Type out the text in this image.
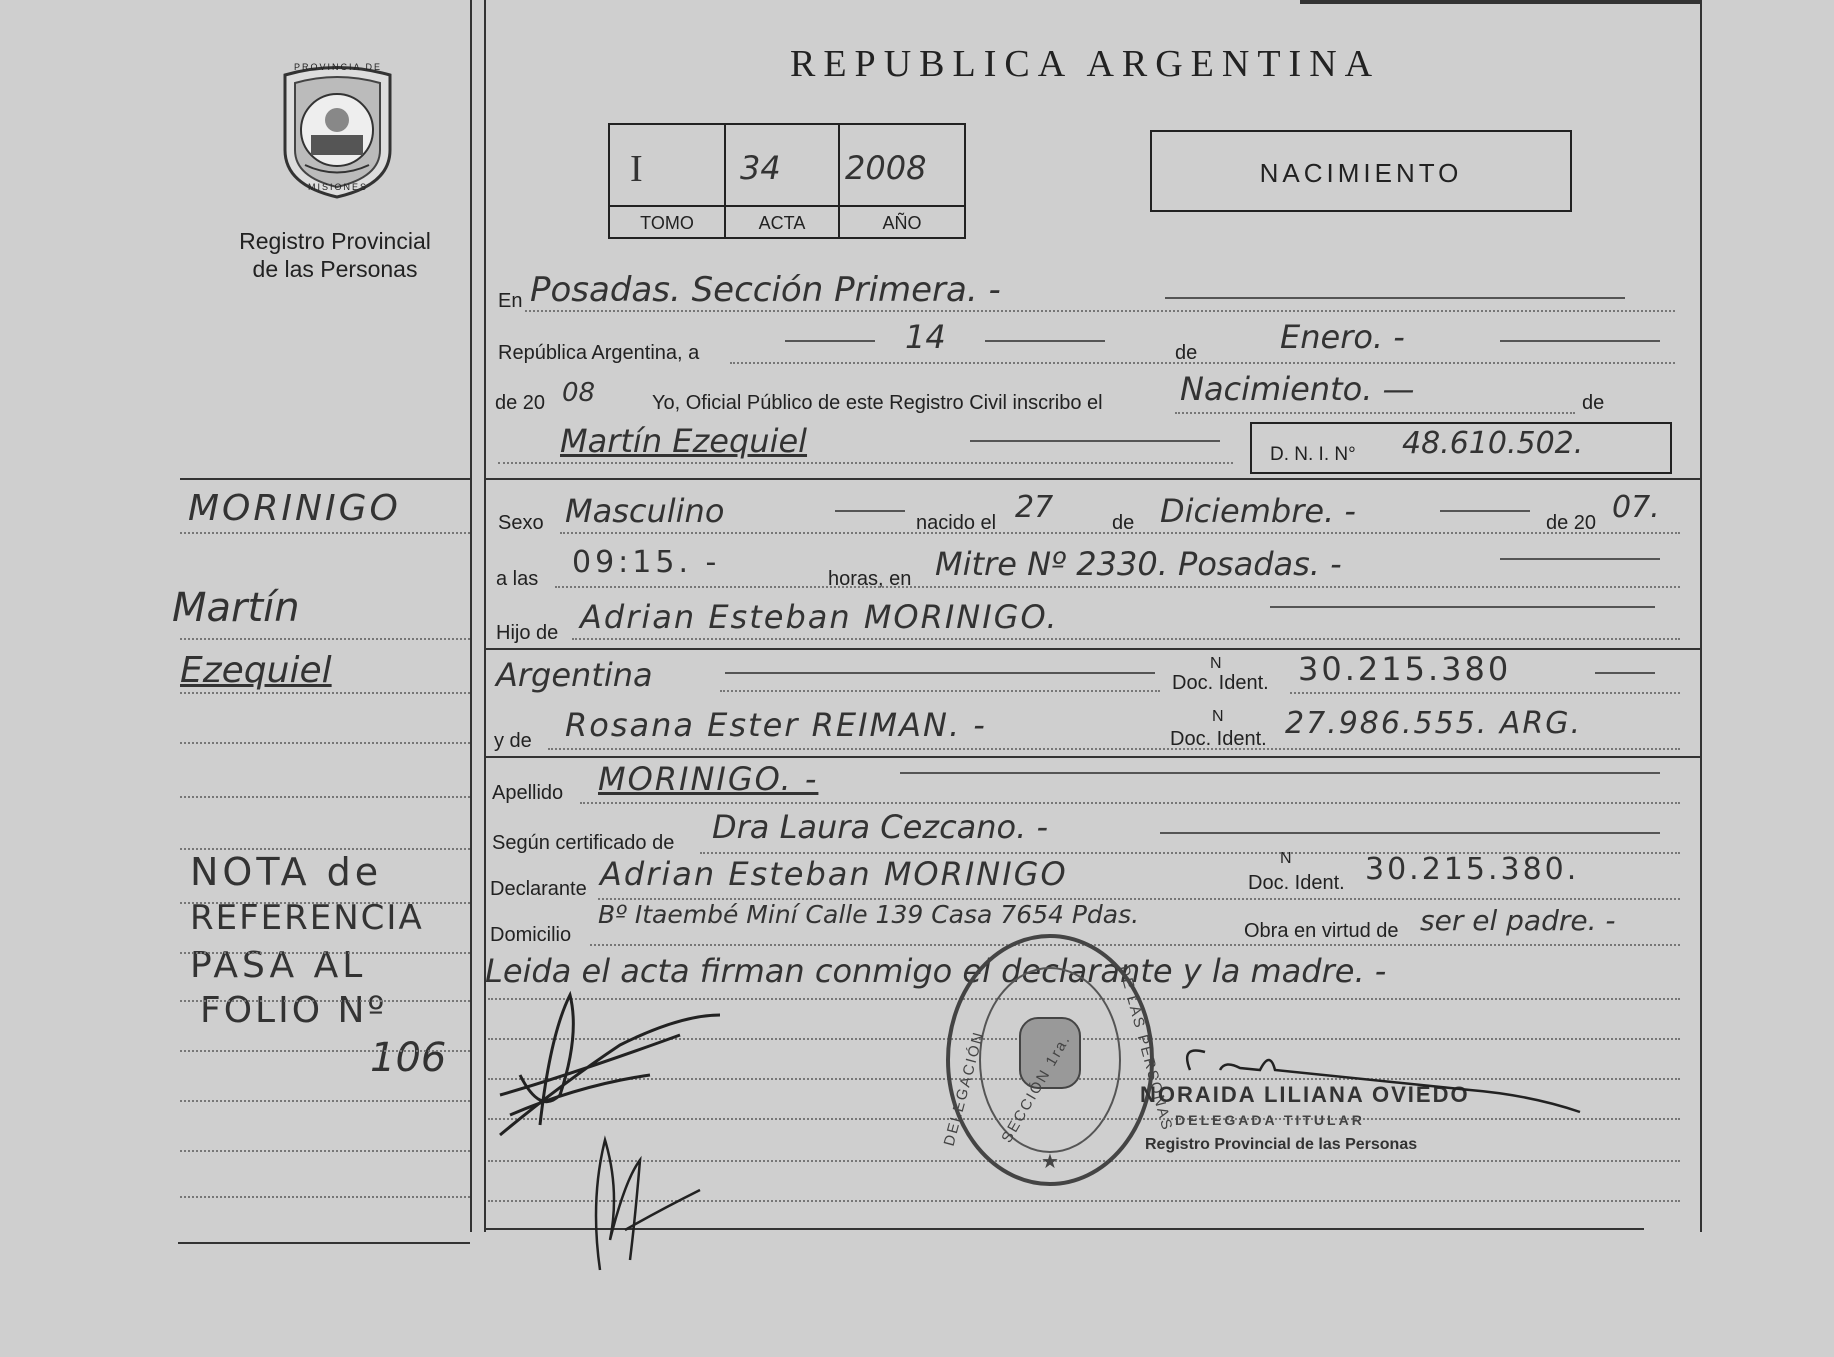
PROVINCIA DE
MISIONES
Registro Provincial
de las Personas
REPUBLICA ARGENTINA
I	34 2008
TOMO	ACTA	AÑO
NACIMIENTO
En Posadas. Sección Primera. -
República Argentina, a	14	de	Enero. -
de 20 08	Yo, Oficial Público de este Registro Civil inscribo el Nacimiento. —	de
Martín Ezequiel	D. N. I. N° 48.610.502.
Sexo Masculino	nacido el 27	de Diciembre. -	de 20 07.
a las 09:15. -	horas, en Mitre Nº 2330. Posadas. -
Hijo de Adrian Esteban MORINIGO.
Argentina	N
Doc. Ident. 30.215.380
y de Rosana Ester REIMAN. -	N
Doc. Ident. 27.986.555. ARG.
Apellido MORINIGO. -
Según certificado de Dra Laura Cezcano. -
Declarante Adrian Esteban MORINIGO	N
Doc. Ident. 30.215.380.
Domicilio
Bº Itaembé Miní Calle 139 Casa 7654 Pdas.
Obra en virtud de ser el padre. -
Leida el acta firman conmigo el declarante y la madre. -
★
DELEGACIÓN SECCIÓN 1ra.	DE LAS PERSONAS
NORAIDA LILIANA OVIEDO
DELEGADA TITULAR
Registro Provincial de las Personas
MORINIGO
Martín
Ezequiel
NOTA de
REFERENCIA
PASA AL
FOLIO Nº
106
